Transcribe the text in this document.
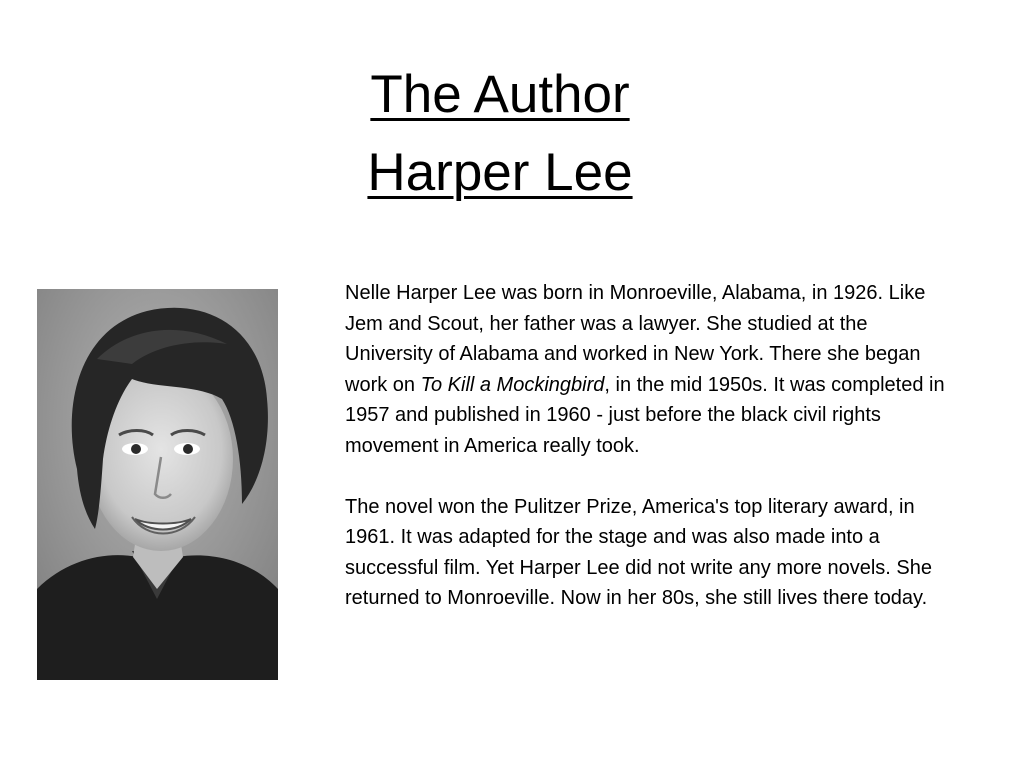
The Author
Harper Lee

Nelle Harper Lee was born in Monroeville, Alabama, in 1926. Like Jem and Scout, her father was a lawyer. She studied at the University of Alabama and worked in New York. There she began work on To Kill a Mockingbird, in the mid 1950s. It was completed in 1957 and published in 1960 - just before the black civil rights movement in America really took.

The novel won the Pulitzer Prize, America's top literary award, in 1961. It was adapted for the stage and was also made into a successful film. Yet Harper Lee did not write any more novels. She returned to Monroeville. Now in her 80s, she still lives there today.
